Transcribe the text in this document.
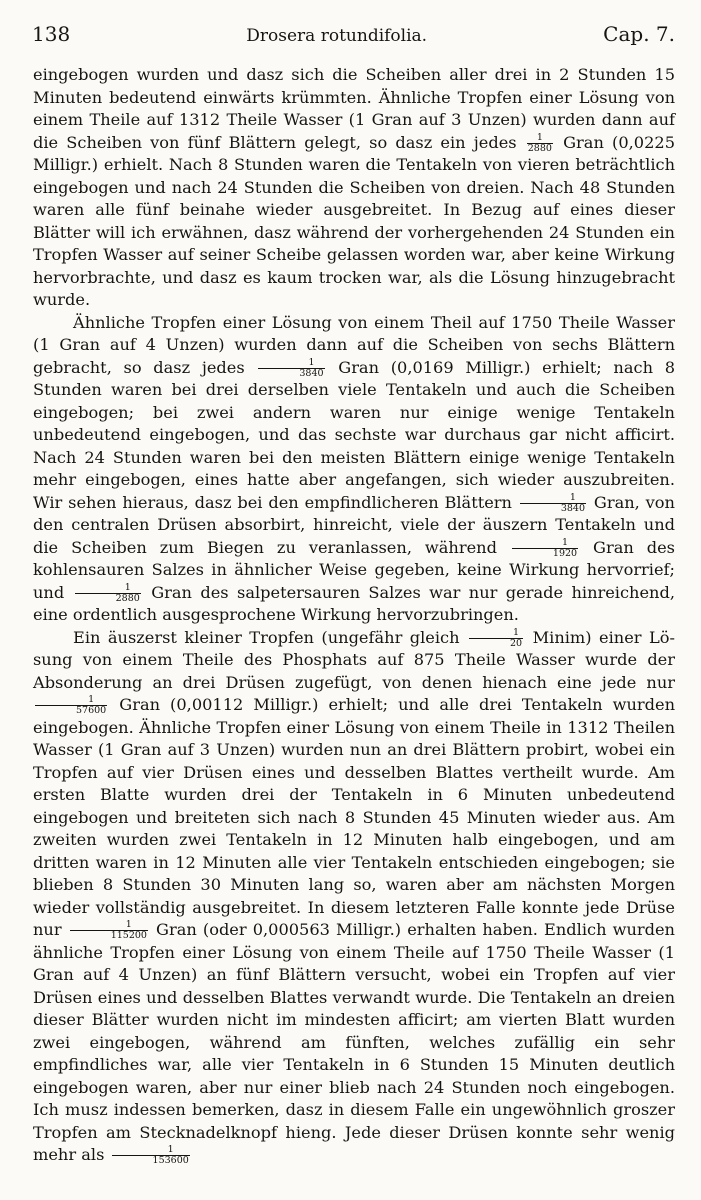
138	Drosera rotundifolia.	Cap. 7.

eingebogen wurden und dasz sich die Scheiben aller drei in 2 Stunden 15 Minuten bedeutend einwärts krümmten. Ähnliche Tropfen einer Lösung von einem Theile auf 1312 Theile Wasser (1 Gran auf 3 Unzen) wurden dann auf die Scheiben von fünf Blättern gelegt, so dasz ein jedes $\frac{1}{2880}$ Gran (0,0225 Milligr.) erhielt. Nach 8 Stunden waren die Tentakeln von vieren beträchtlich eingebogen und nach 24 Stunden die Scheiben von dreien. Nach 48 Stunden waren alle fünf beinahe wieder ausgebreitet. In Bezug auf eines dieser Blätter will ich erwähnen, dasz während der vorhergehenden 24 Stunden ein Tropfen Wasser auf seiner Scheibe gelassen worden war, aber keine Wirkung hervorbrachte, und dasz es kaum trocken war, als die Lösung hinzugebracht wurde.

Ähnliche Tropfen einer Lösung von einem Theil auf 1750 Theile Wasser (1 Gran auf 4 Unzen) wurden dann auf die Scheiben von sechs Blättern gebracht, so dasz jedes $\frac{1}{3840}$ Gran (0,0169 Milligr.) erhielt; nach 8 Stunden waren bei drei derselben viele Tentakeln und auch die Scheiben eingebogen; bei zwei andern waren nur einige wenige Tentakeln unbedeutend eingebogen, und das sechste war durchaus gar nicht afficirt. Nach 24 Stunden waren bei den meisten Blättern einige wenige Tentakeln mehr eingebogen, eines hatte aber angefangen, sich wieder auszubreiten. Wir sehen hieraus, dasz bei den empfindlicheren Blättern $\frac{1}{3840}$ Gran, von den centralen Drüsen absorbirt, hinreicht, viele der äuszern Tentakeln und die Scheiben zum Biegen zu veranlassen, während $\frac{1}{1920}$ Gran des kohlensauren Salzes in ähnlicher Weise gegeben, keine Wirkung hervorrief; und $\frac{1}{2880}$ Gran des salpetersauren Salzes war nur gerade hinreichend, eine ordentlich ausgesprochene Wirkung hervorzubringen.

Ein äuszerst kleiner Tropfen (ungefähr gleich $\frac{1}{20}$ Minim) einer Lösung von einem Theile des Phosphats auf 875 Theile Wasser wurde der Absonderung an drei Drüsen zugefügt, von denen hienach eine jede nur
$\frac{1}{57600}$ Gran (0,00112 Milligr.) erhielt; und alle drei Tentakeln wurden eingebogen. Ähnliche Tropfen einer Lösung von einem Theile in 1312 Theilen Wasser (1 Gran auf 3 Unzen) wurden nun an drei Blättern probirt, wobei ein Tropfen auf vier Drüsen eines und desselben Blattes vertheilt wurde. Am ersten Blatte wurden drei der Tentakeln in 6 Minuten unbedeutend eingebogen und breiteten sich nach 8 Stunden 45 Minuten wieder aus. Am zweiten wurden zwei Tentakeln in 12 Minuten halb eingebogen, und am dritten waren in 12 Minuten alle vier Tentakeln entschieden eingebogen; sie blieben 8 Stunden 30 Minuten lang so, waren aber am nächsten Morgen wieder vollständig ausgebreitet. In diesem letzteren Falle konnte jede Drüse nur $\frac{1}{115200}$ Gran (oder 0,000563 Milligr.) erhalten haben. Endlich wurden ähnliche Tropfen einer Lösung von einem Theile auf 1750 Theile Wasser (1 Gran auf 4 Unzen) an fünf Blättern versucht, wobei ein Tropfen auf vier Drüsen eines und desselben Blattes verwandt wurde. Die Tentakeln an dreien dieser Blätter wurden nicht im mindesten afficirt; am vierten Blatt wurden zwei eingebogen, während am fünften, welches zufällig ein sehr empfindliches war, alle vier Tentakeln in 6 Stunden 15 Minuten deutlich eingebogen waren, aber nur einer blieb nach 24 Stunden noch eingebogen. Ich musz indessen bemerken, dasz in diesem Falle ein ungewöhnlich groszer Tropfen am Stecknadelknopf hieng. Jede dieser Drüsen konnte sehr wenig mehr als $\frac{1}{153600}$
